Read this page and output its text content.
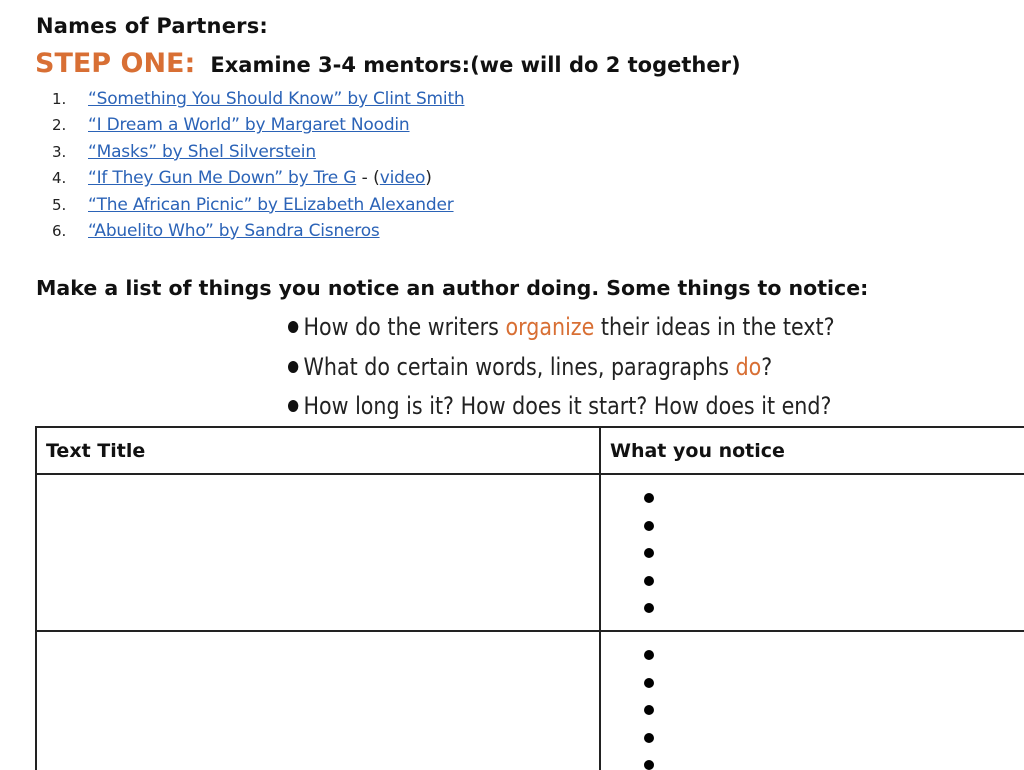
Names of Partners:
STEP ONE: Examine 3-4 mentors:(we will do 2 together)
1. “Something You Should Know” by Clint Smith
2. “I Dream a World” by Margaret Noodin
3. “Masks” by Shel Silverstein
4. “If They Gun Me Down” by Tre G - (video)
5. “The African Picnic” by ELizabeth Alexander
6. “Abuelito Who” by Sandra Cisneros
Make a list of things you notice an author doing. Some things to notice:
How do the writers organize their ideas in the text?
What do certain words, lines, paragraphs do?
How long is it? How does it start? How does it end?
Text Title	What you notice
